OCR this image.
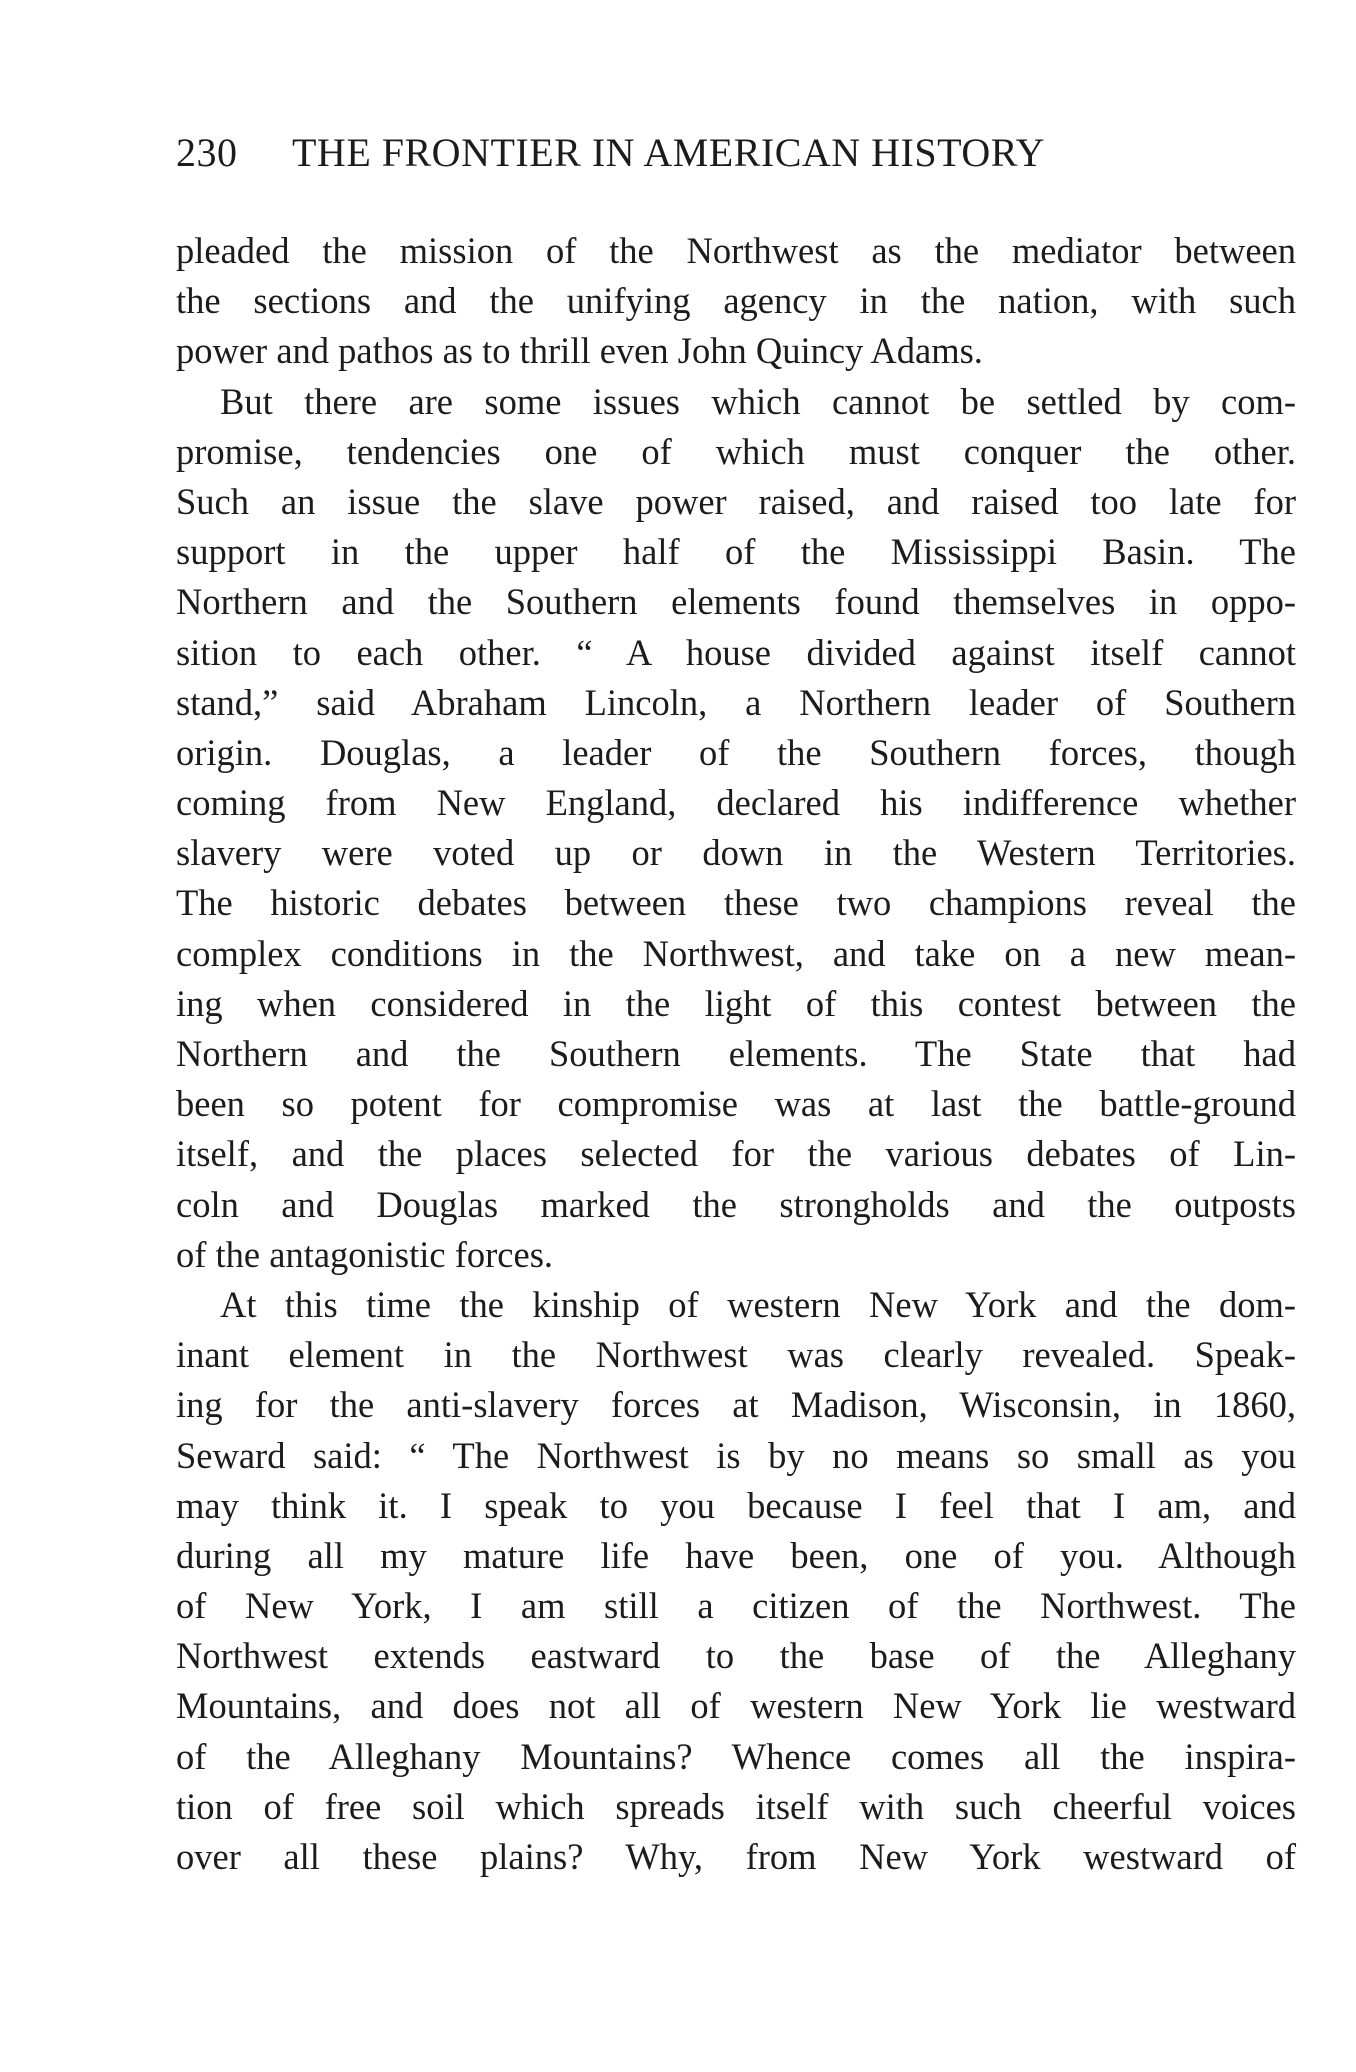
230 THE FRONTIER IN AMERICAN HISTORY
pleaded the mission of the Northwest as the mediator between
the sections and the unifying agency in the nation, with such
power and pathos as to thrill even John Quincy Adams.
But there are some issues which cannot be settled by com-
promise, tendencies one of which must conquer the other.
Such an issue the slave power raised, and raised too late for
support in the upper half of the Mississippi Basin. The
Northern and the Southern elements found themselves in oppo-
sition to each other. “ A house divided against itself cannot
stand,” said Abraham Lincoln, a Northern leader of Southern
origin. Douglas, a leader of the Southern forces, though
coming from New England, declared his indifference whether
slavery were voted up or down in the Western Territories.
The historic debates between these two champions reveal the
complex conditions in the Northwest, and take on a new mean-
ing when considered in the light of this contest between the
Northern and the Southern elements. The State that had
been so potent for compromise was at last the battle-ground
itself, and the places selected for the various debates of Lin-
coln and Douglas marked the strongholds and the outposts
of the antagonistic forces.
At this time the kinship of western New York and the dom-
inant element in the Northwest was clearly revealed. Speak-
ing for the anti-slavery forces at Madison, Wisconsin, in 1860,
Seward said: “ The Northwest is by no means so small as you
may think it. I speak to you because I feel that I am, and
during all my mature life have been, one of you. Although
of New York, I am still a citizen of the Northwest. The
Northwest extends eastward to the base of the Alleghany
Mountains, and does not all of western New York lie westward
of the Alleghany Mountains? Whence comes all the inspira-
tion of free soil which spreads itself with such cheerful voices
over all these plains? Why, from New York westward of
